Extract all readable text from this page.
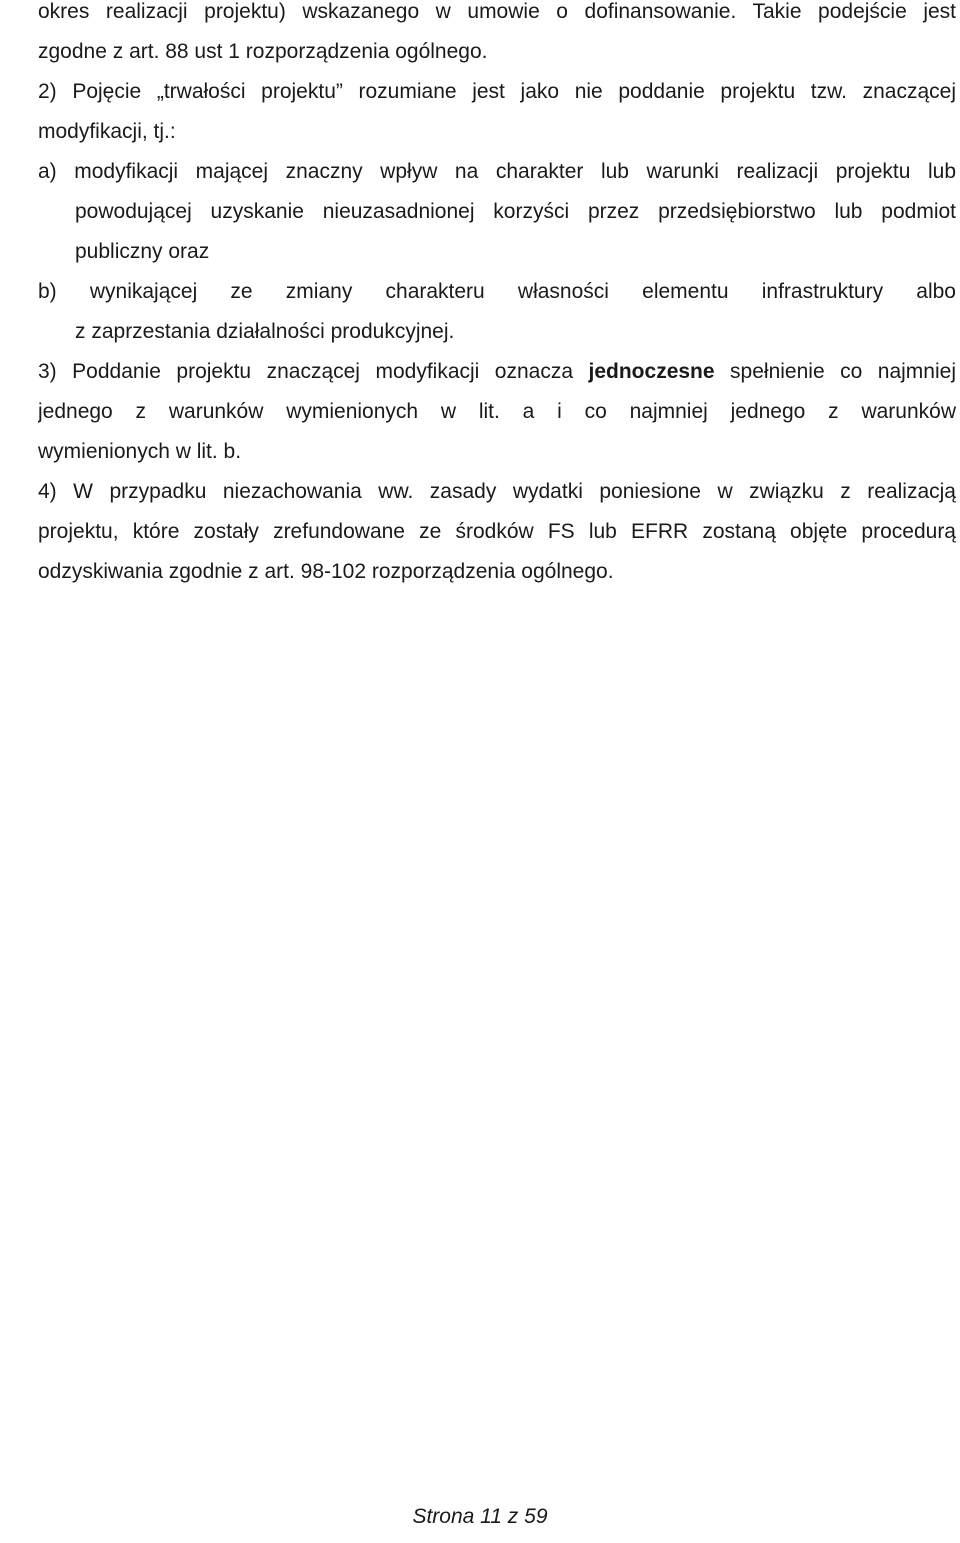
okres realizacji projektu) wskazanego w umowie o dofinansowanie. Takie podejście jest
zgodne z art. 88 ust 1 rozporządzenia ogólnego.
2) Pojęcie „trwałości projektu” rozumiane jest jako nie poddanie projektu tzw. znaczącej
modyfikacji, tj.:
a) modyfikacji mającej znaczny wpływ na charakter lub warunki realizacji projektu lub
powodującej uzyskanie nieuzasadnionej korzyści przez przedsiębiorstwo lub podmiot
publiczny oraz
b) wynikającej ze zmiany charakteru własności elementu infrastruktury albo
z zaprzestania działalności produkcyjnej.
3) Poddanie projektu znaczącej modyfikacji oznacza jednoczesne spełnienie co najmniej
jednego z warunków wymienionych w lit. a i co najmniej jednego z warunków
wymienionych w lit. b.
4) W przypadku niezachowania ww. zasady wydatki poniesione w związku z realizacją
projektu, które zostały zrefundowane ze środków FS lub EFRR zostaną objęte procedurą
odzyskiwania zgodnie z art. 98-102 rozporządzenia ogólnego.
Strona 11 z 59
